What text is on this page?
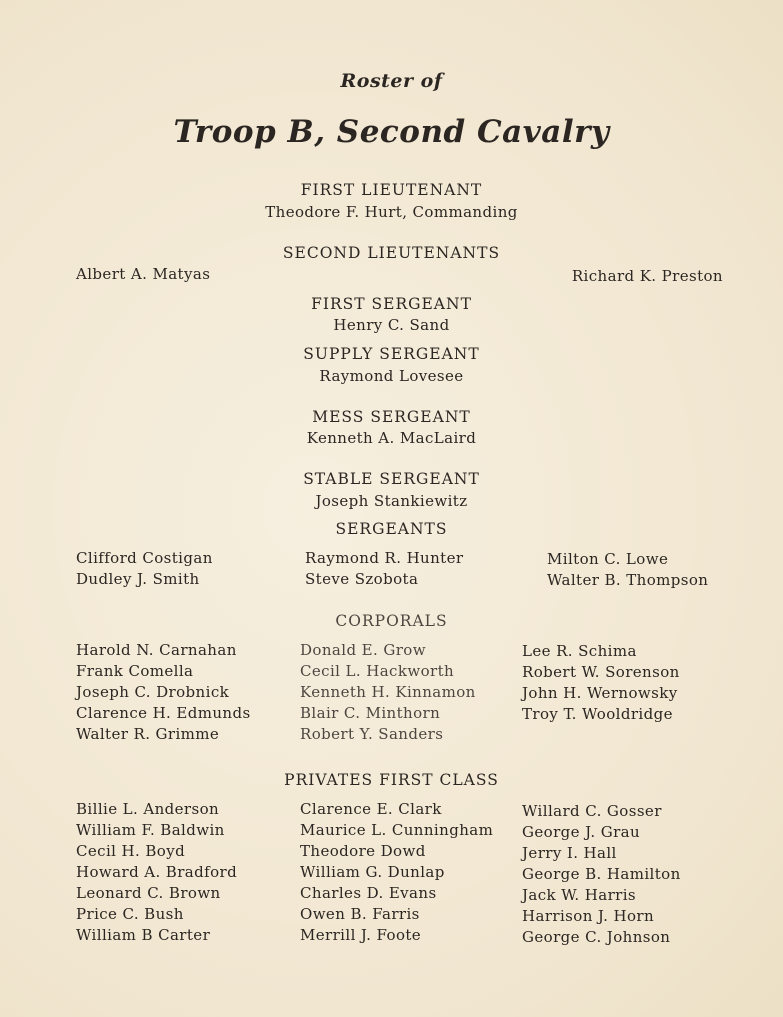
Roster of
Troop B, Second Cavalry
FIRST LIEUTENANT
Theodore F. Hurt, Commanding
SECOND LIEUTENANTS
Albert A. Matyas	Richard K. Preston
FIRST SERGEANT
Henry C. Sand
SUPPLY SERGEANT
Raymond Lovesee
MESS SERGEANT
Kenneth A. MacLaird
STABLE SERGEANT
Joseph Stankiewitz
SERGEANTS
Clifford Costigan
Dudley J. Smith
Raymond R. Hunter
Steve Szobota
Milton C. Lowe
Walter B. Thompson
CORPORALS
Harold N. Carnahan
Frank Comella
Joseph C. Drobnick
Clarence H. Edmunds
Walter R. Grimme
Donald E. Grow
Cecil L. Hackworth
Kenneth H. Kinnamon
Blair C. Minthorn
Robert Y. Sanders
Lee R. Schima
Robert W. Sorenson
John H. Wernowsky
Troy T. Wooldridge
PRIVATES FIRST CLASS
Billie L. Anderson
William F. Baldwin
Cecil H. Boyd
Howard A. Bradford
Leonard C. Brown
Price C. Bush
William B Carter
Clarence E. Clark
Maurice L. Cunningham
Theodore Dowd
William G. Dunlap
Charles D. Evans
Owen B. Farris
Merrill J. Foote
Willard C. Gosser
George J. Grau
Jerry I. Hall
George B. Hamilton
Jack W. Harris
Harrison J. Horn
George C. Johnson
